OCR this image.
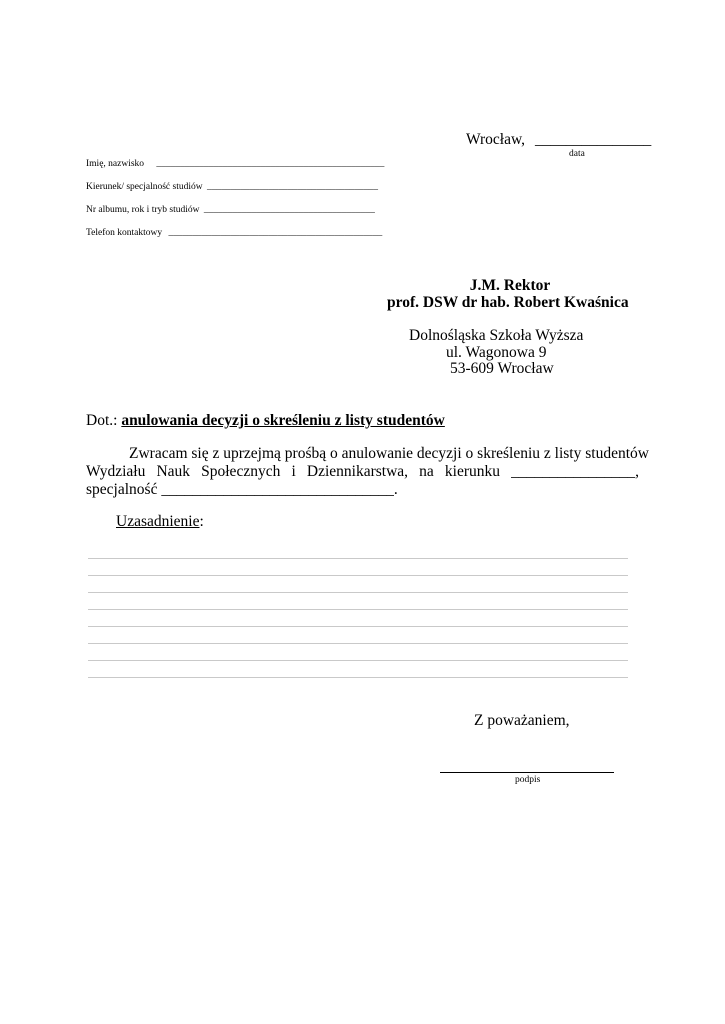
Wrocław, _______________
data
Imię, nazwisko ________________________________________________
Kierunek/ specjalność studiów ____________________________________
Nr albumu, rok i tryb studiów ____________________________________
Telefon kontaktowy _____________________________________________
J.M. Rektor
prof. DSW dr hab. Robert Kwaśnica
Dolnośląska Szkoła Wyższa
ul. Wagonowa 9
53-609 Wrocław
Dot.: anulowania decyzji o skreśleniu z listy studentów
Zwracam się z uprzejmą prośbą o anulowanie decyzji o skreśleniu z listy studentów
Wydziału Nauk Społecznych i Dziennikarstwa, na kierunku ________________,
specjalność ______________________________.
Uzasadnienie:
Z poważaniem,
podpis
